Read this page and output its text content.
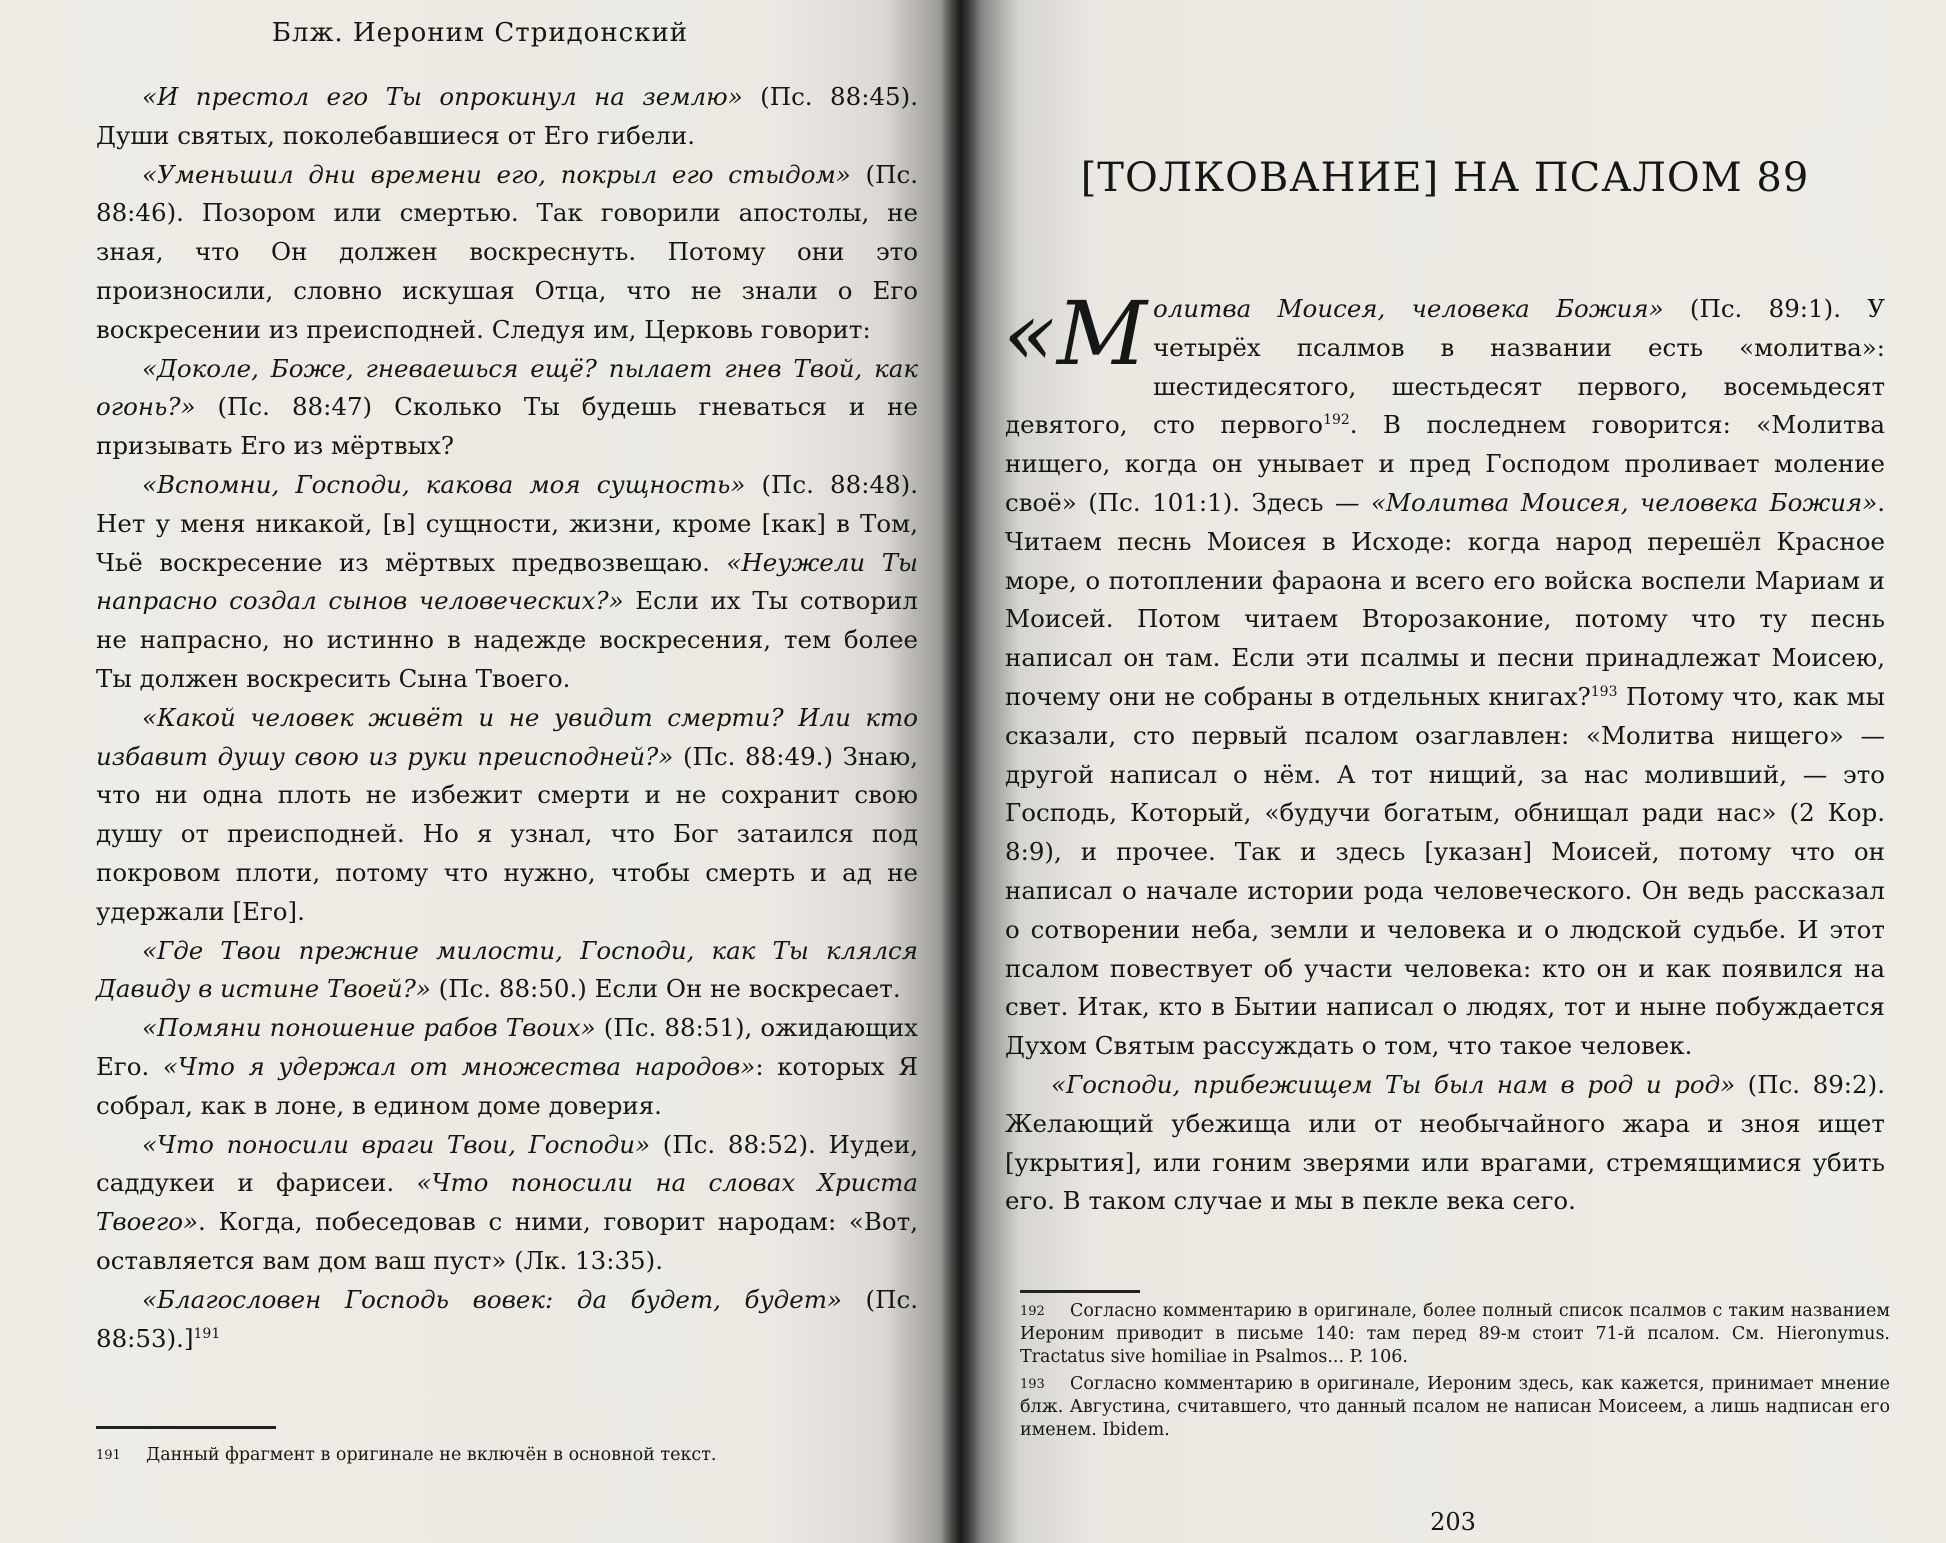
Блж. Иероним Стридонский

«И престол его Ты опрокинул на землю» (Пс. 88:45). Души святых, поколебавшиеся от Его гибели.

«Уменьшил дни времени его, покрыл его стыдом» (Пс. 88:46). Позором или смертью. Так говорили апостолы, не зная, что Он должен воскреснуть. Потому они это произносили, словно искушая Отца, что не знали о Его воскресении из преисподней. Следуя им, Церковь говорит:

«Доколе, Боже, гневаешься ещё? пылает гнев Твой, как огонь?» (Пс. 88:47) Сколько Ты будешь гневаться и не призывать Его из мёртвых?

«Вспомни, Господи, какова моя сущность» (Пс. 88:48). Нет у меня никакой, [в] сущности, жизни, кроме [как] в Том, Чьё воскресение из мёртвых предвозвещаю. «Неужели Ты напрасно создал сынов человеческих?» Если их Ты сотворил не напрасно, но истинно в надежде воскресения, тем более Ты должен воскресить Сына Твоего.

«Какой человек живёт и не увидит смерти? Или кто избавит душу свою из руки преисподней?» (Пс. 88:49.) Знаю, что ни одна плоть не избежит смерти и не сохранит свою душу от преисподней. Но я узнал, что Бог затаился под покровом плоти, потому что нужно, чтобы смерть и ад не удержали [Его].

«Где Твои прежние милости, Господи, как Ты клялся Давиду в истине Твоей?» (Пс. 88:50.) Если Он не воскресает.

«Помяни поношение рабов Твоих» (Пс. 88:51), ожидающих Его. «Что я удержал от множества народов»: которых Я собрал, как в лоне, в едином доме доверия.

«Что поносили враги Твои, Господи» (Пс. 88:52). Иудеи, саддукеи и фарисеи. «Что поносили на словах Христа Твоего». Когда, побеседовав с ними, говорит народам: «Вот, оставляется вам дом ваш пуст» (Лк. 13:35).

«Благословен Господь вовек: да будет, будет» (Пс. 88:53).]$^{191}$

191 Данный фрагмент в оригинале не включён в основной текст.

[ТОЛКОВАНИЕ] НА ПСАЛОМ 89

«Молитва Моисея, человека Божия» (Пс. 89:1). У четырёх псалмов в названии есть «молитва»: шестидесятого, шестьдесят первого, восемьдесят девятого, сто первого$^{192}$. В последнем говорится: «Молитва нищего, когда он унывает и пред Господом проливает моление своё» (Пс. 101:1). Здесь — «Молитва Моисея, человека Божия». Читаем песнь Моисея в Исходе: когда народ перешёл Красное море, о потоплении фараона и всего его войска воспели Мариам и Моисей. Потом читаем Второзаконие, потому что ту песнь написал он там. Если эти псалмы и песни принадлежат Моисею, почему они не собраны в отдельных книгах?$^{193}$ Потому что, как мы сказали, сто первый псалом озаглавлен: «Молитва нищего» — другой написал о нём. А тот нищий, за нас моливший, — это Господь, Который, «будучи богатым, обнищал ради нас» (2 Кор. 8:9), и прочее. Так и здесь [указан] Моисей, потому что он написал о начале истории рода человеческого. Он ведь рассказал о сотворении неба, земли и человека и о людской судьбе. И этот псалом повествует об участи человека: кто он и как появился на свет. Итак, кто в Бытии написал о людях, тот и ныне побуждается Духом Святым рассуждать о том, что такое человек.

«Господи, прибежищем Ты был нам в род и род» (Пс. 89:2). Желающий убежища или от необычайного жара и зноя ищет [укрытия], или гоним зверями или врагами, стремящимися убить его. В таком случае и мы в пекле века сего.

192 Согласно комментарию в оригинале, более полный список псалмов с таким названием Иероним приводит в письме 140: там перед 89-м стоит 71-й псалом. См. Hieronymus. Tractatus sive homiliae in Psalmos... P. 106.

193 Согласно комментарию в оригинале, Иероним здесь, как кажется, принимает мнение блж. Августина, считавшего, что данный псалом не написан Моисеем, а лишь надписан его именем. Ibidem.

203
